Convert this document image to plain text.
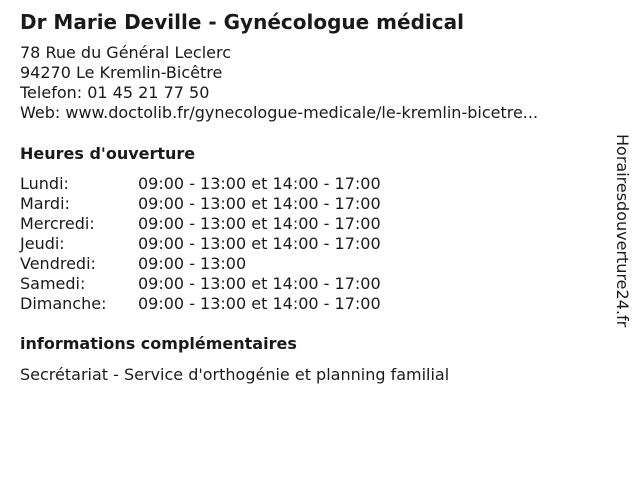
Dr Marie Deville - Gynécologue médical
78 Rue du Général Leclerc
94270 Le Kremlin-Bicêtre
Telefon: 01 45 21 77 50
Web: www.doctolib.fr/gynecologue-medicale/le-kremlin-bicetre...
Heures d'ouverture
Lundi:	09:00 - 13:00 et 14:00 - 17:00
Mardi:	09:00 - 13:00 et 14:00 - 17:00
Mercredi:	09:00 - 13:00 et 14:00 - 17:00
Jeudi:	09:00 - 13:00 et 14:00 - 17:00
Vendredi:	09:00 - 13:00
Samedi:	09:00 - 13:00 et 14:00 - 17:00
Dimanche:	09:00 - 13:00 et 14:00 - 17:00
informations complémentaires
Secrétariat - Service d'orthogénie et planning familial
Horairesdouverture24.fr
